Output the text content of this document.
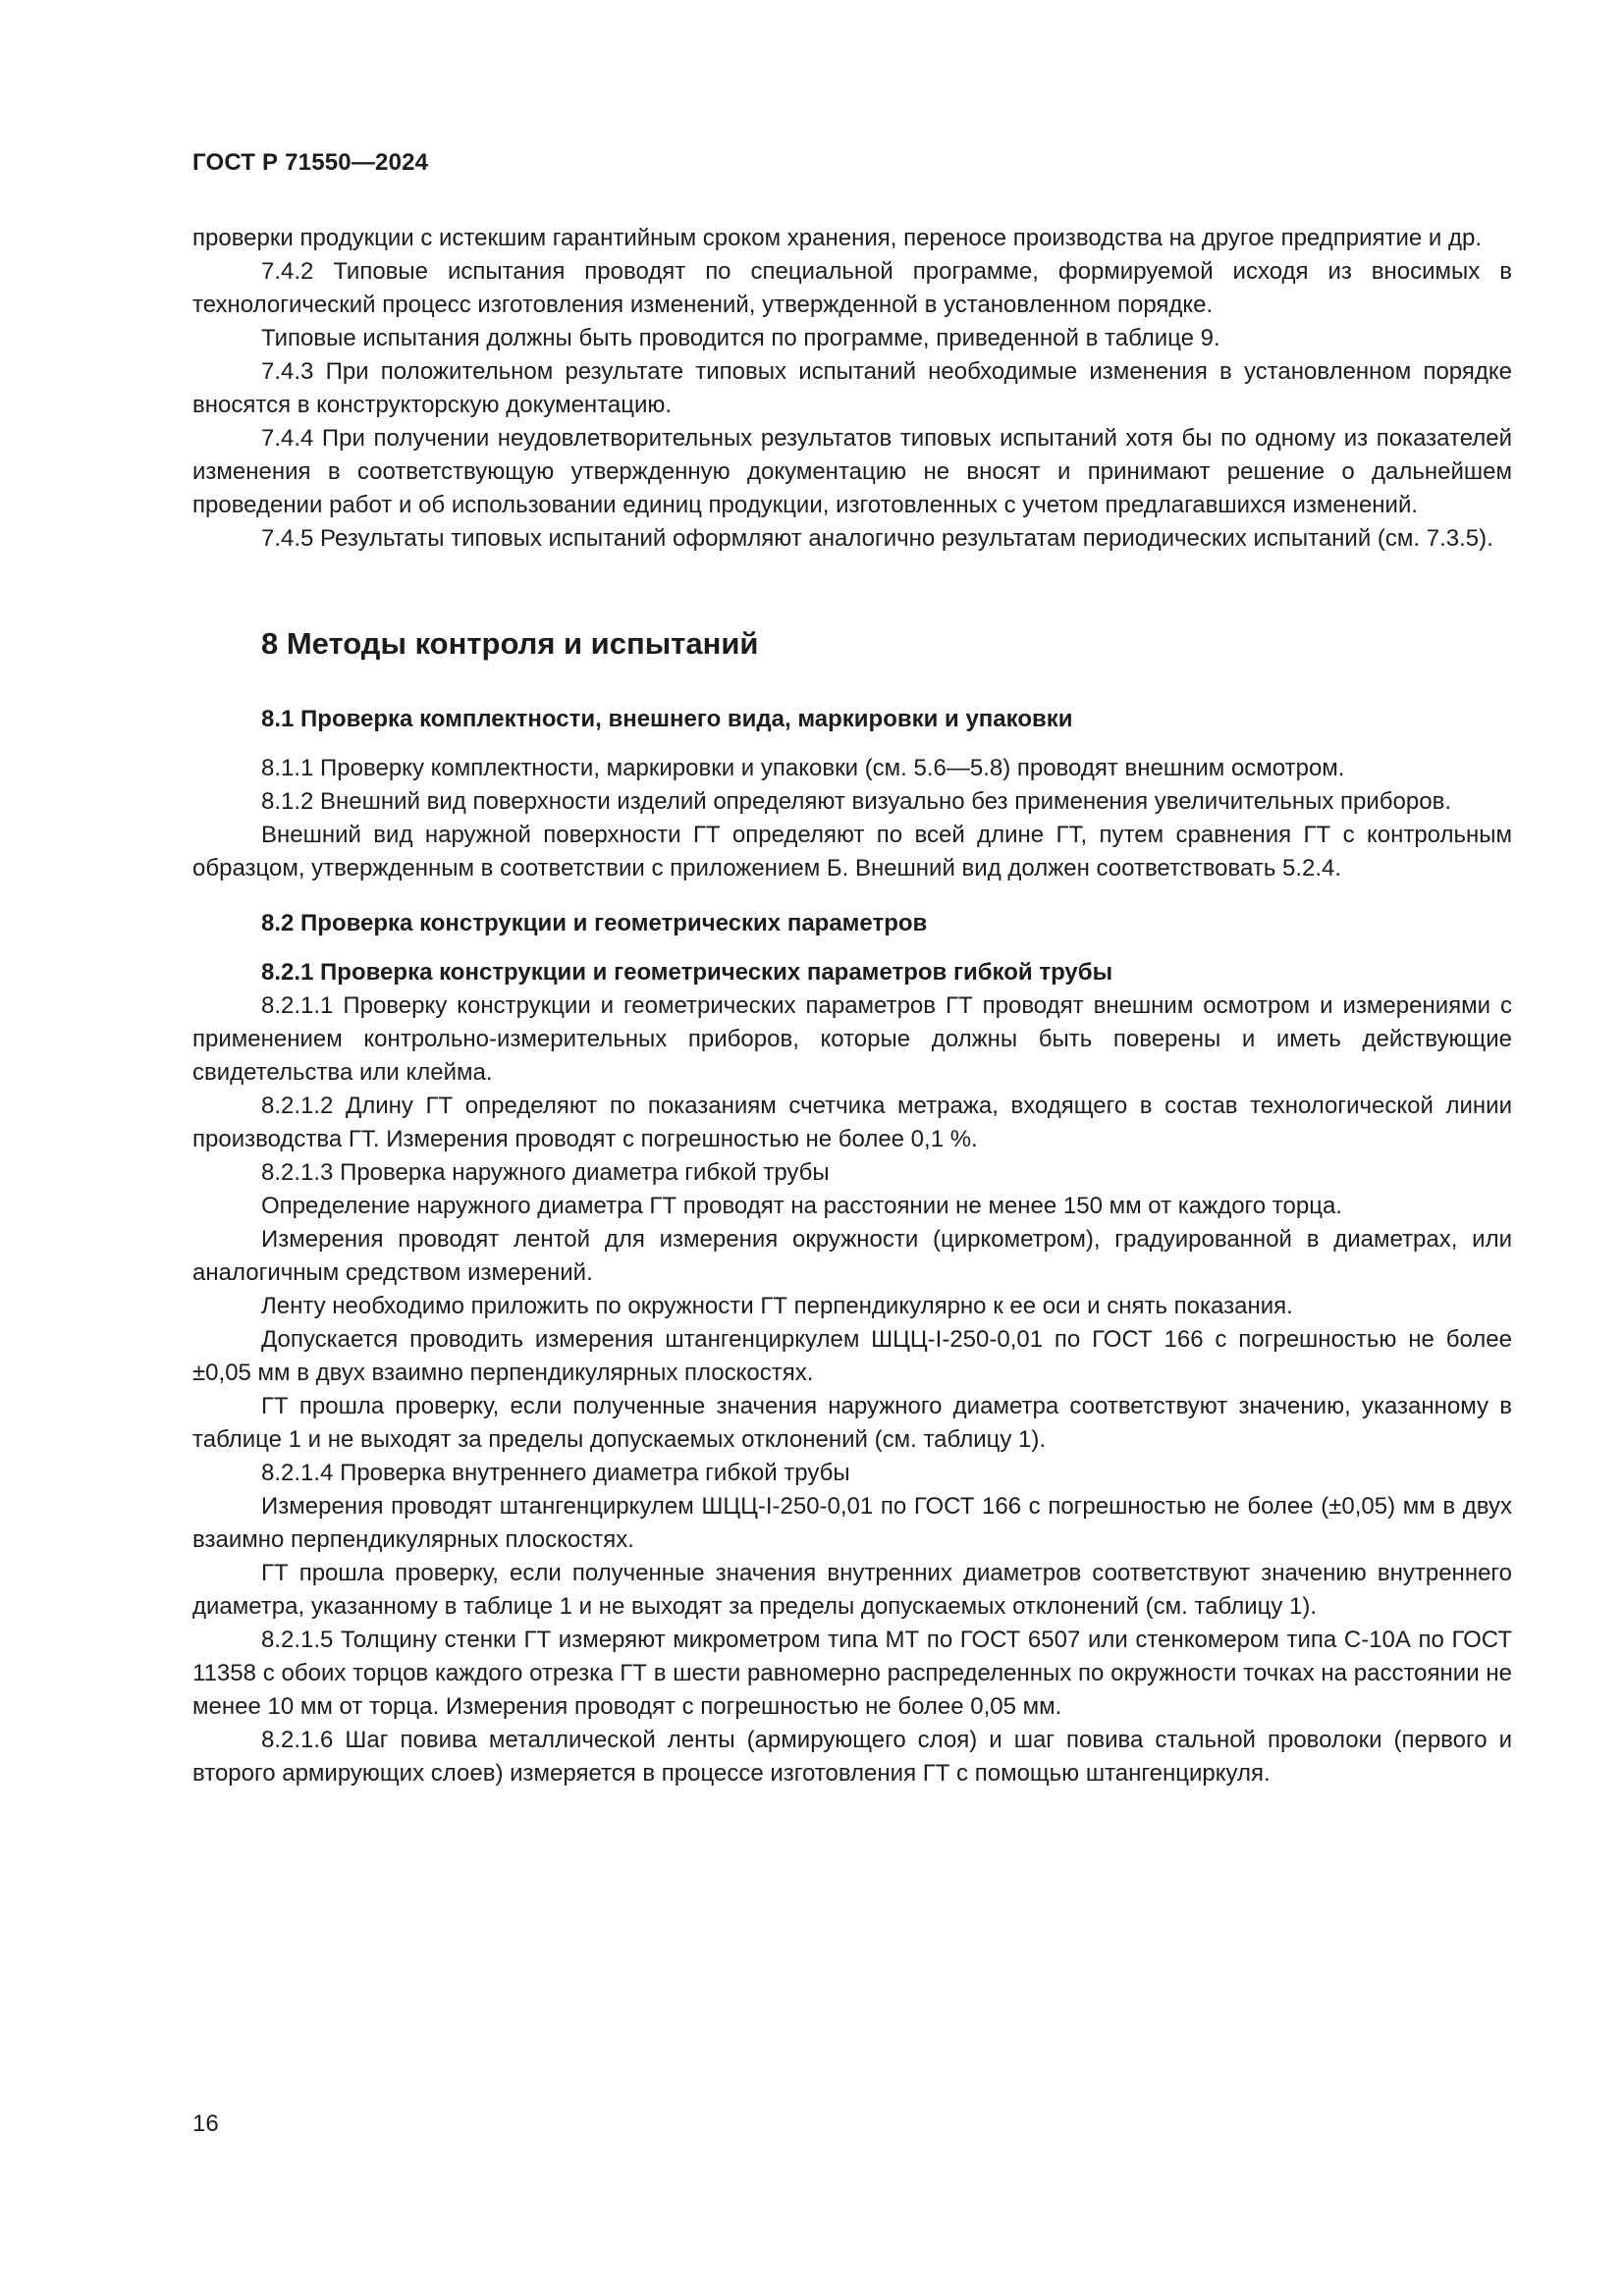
ГОСТ Р 71550—2024

проверки продукции с истекшим гарантийным сроком хранения, переносе производства на другое предприятие и др.

7.4.2 Типовые испытания проводят по специальной программе, формируемой исходя из вносимых в технологический процесс изготовления изменений, утвержденной в установленном порядке.

Типовые испытания должны быть проводится по программе, приведенной в таблице 9.

7.4.3 При положительном результате типовых испытаний необходимые изменения в установленном порядке вносятся в конструкторскую документацию.

7.4.4 При получении неудовлетворительных результатов типовых испытаний хотя бы по одному из показателей изменения в соответствующую утвержденную документацию не вносят и принимают решение о дальнейшем проведении работ и об использовании единиц продукции, изготовленных с учетом предлагавшихся изменений.

7.4.5 Результаты типовых испытаний оформляют аналогично результатам периодических испытаний (см. 7.3.5).

8 Методы контроля и испытаний
8.1 Проверка комплектности, внешнего вида, маркировки и упаковки

8.1.1 Проверку комплектности, маркировки и упаковки (см. 5.6—5.8) проводят внешним осмотром.

8.1.2 Внешний вид поверхности изделий определяют визуально без применения увеличительных приборов.

Внешний вид наружной поверхности ГТ определяют по всей длине ГТ, путем сравнения ГТ с контрольным образцом, утвержденным в соответствии с приложением Б. Внешний вид должен соответствовать 5.2.4.

8.2 Проверка конструкции и геометрических параметров
8.2.1 Проверка конструкции и геометрических параметров гибкой трубы

8.2.1.1 Проверку конструкции и геометрических параметров ГТ проводят внешним осмотром и измерениями с применением контрольно-измерительных приборов, которые должны быть поверены и иметь действующие свидетельства или клейма.

8.2.1.2 Длину ГТ определяют по показаниям счетчика метража, входящего в состав технологической линии производства ГТ. Измерения проводят с погрешностью не более 0,1 %.

8.2.1.3 Проверка наружного диаметра гибкой трубы

Определение наружного диаметра ГТ проводят на расстоянии не менее 150 мм от каждого торца.

Измерения проводят лентой для измерения окружности (циркометром), градуированной в диаметрах, или аналогичным средством измерений.

Ленту необходимо приложить по окружности ГТ перпендикулярно к ее оси и снять показания.

Допускается проводить измерения штангенциркулем ШЦЦ-I-250-0,01 по ГОСТ 166 с погрешностью не более ±0,05 мм в двух взаимно перпендикулярных плоскостях.

ГТ прошла проверку, если полученные значения наружного диаметра соответствуют значению, указанному в таблице 1 и не выходят за пределы допускаемых отклонений (см. таблицу 1).

8.2.1.4 Проверка внутреннего диаметра гибкой трубы

Измерения проводят штангенциркулем ШЦЦ-I-250-0,01 по ГОСТ 166 с погрешностью не более (±0,05) мм в двух взаимно перпендикулярных плоскостях.

ГТ прошла проверку, если полученные значения внутренних диаметров соответствуют значению внутреннего диаметра, указанному в таблице 1 и не выходят за пределы допускаемых отклонений (см. таблицу 1).

8.2.1.5 Толщину стенки ГТ измеряют микрометром типа МТ по ГОСТ 6507 или стенкомером типа С-10А по ГОСТ 11358 с обоих торцов каждого отрезка ГТ в шести равномерно распределенных по окружности точках на расстоянии не менее 10 мм от торца. Измерения проводят с погрешностью не более 0,05 мм.

8.2.1.6 Шаг повива металлической ленты (армирующего слоя) и шаг повива стальной проволоки (первого и второго армирующих слоев) измеряется в процессе изготовления ГТ с помощью штангенциркуля.

16
